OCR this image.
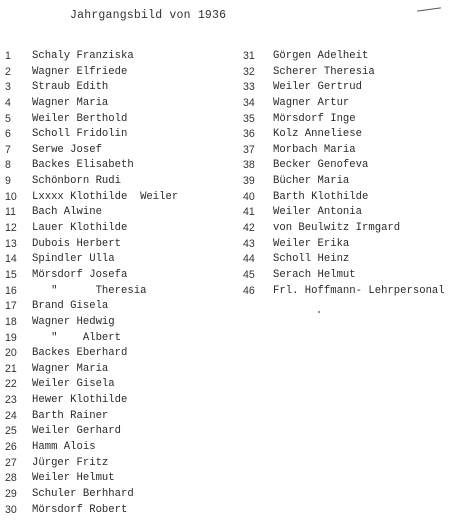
Jahrgangsbild von 1936
1	Schaly Franziska
2	Wagner Elfriede
3	Straub Edith
4	Wagner Maria
5	Weiler Berthold
6	Scholl Fridolin
7	Serwe Josef
8	Backes Elisabeth
9	Schönborn Rudi
10	Lxxxx Klothilde  Weiler
11	Bach Alwine
12	Lauer Klothilde
13	Dubois Herbert
14	Spindler Ulla
15	Mörsdorf Josefa
16	"      Theresia
17	Brand Gisela
18	Wagner Hedwig
19	"    Albert
20	Backes Eberhard
21	Wagner Maria
22	Weiler Gisela
23	Hewer Klothilde
24	Barth Rainer
25	Weiler Gerhard
26	Hamm Alois
27	Jürger Fritz
28	Weiler Helmut
29	Schuler Berhhard
30	Mörsdorf Robert
31	Görgen Adelheit
32	Scherer Theresia
33	Weiler Gertrud
34	Wagner Artur
35	Mörsdorf Inge
36	Kolz Anneliese
37	Morbach Maria
38	Becker Genofeva
39	Bücher Maria
40	Barth Klothilde
41	Weiler Antonia
42	von Beulwitz Irmgard
43	Weiler Erika
44	Scholl Heinz
45	Serach Helmut
46	Frl. Hoffmann- Lehrpersonal
